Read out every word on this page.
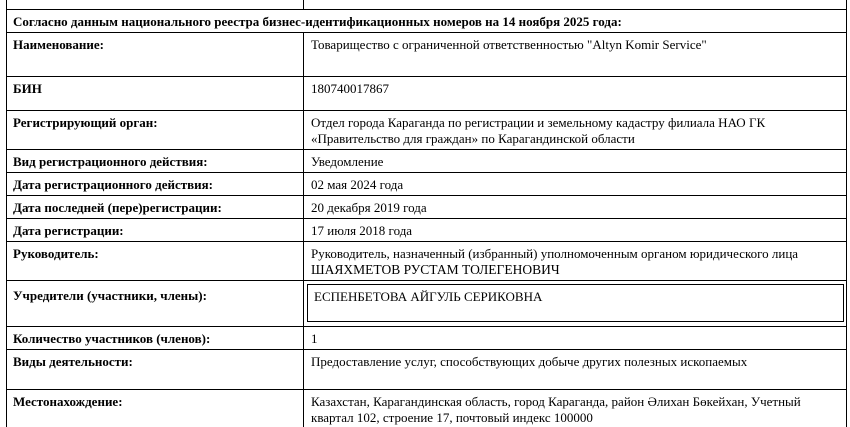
Согласно данным национального реестра бизнес-идентификационных номеров на 14 ноября 2025 года:	
Наименование:	Товарищество с ограниченной ответственностью "Altyn Komir Service"
БИН	180740017867
Регистрирующий орган:	Отдел города Караганда по регистрации и земельному кадастру филиала НАО ГК «Правительство для граждан» по Карагандинской области
Вид регистрационного действия:	Уведомление
Дата регистрационного действия:	02 мая 2024 года
Дата последней (пере)регистрации:	20 декабря 2019 года
Дата регистрации:	17 июля 2018 года
Руководитель:	Руководитель, назначенный (избранный) уполномоченным органом юридического лица
ШАЯХМЕТОВ РУСТАМ ТОЛЕГЕНОВИЧ

Учредители (участники, члены):	ЕСПЕНБЕТОВА АЙГУЛЬ СЕРИКОВНА

Количество участников (членов):	1
Виды деятельности:	Предоставление услуг, способствующих добыче других полезных ископаемых
Местонахождение:	Казахстан, Карагандинская область, город Караганда, район Әлихан Бөкейхан, Учетный квартал 102, строение 17, почтовый индекс 100000
